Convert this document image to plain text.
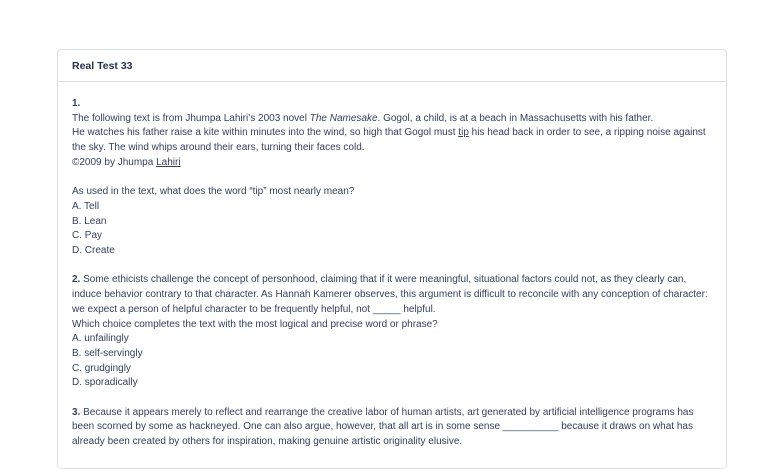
Real Test 33
1.
The following text is from Jhumpa Lahiri’s 2003 novel The Namesake. Gogol, a child, is at a beach in Massachusetts with his father.
He watches his father raise a kite within minutes into the wind, so high that Gogol must tip his head back in order to see, a ripping noise against the sky. The wind whips around their ears, turning their faces cold.
©2009 by Jhumpa Lahiri
As used in the text, what does the word “tip” most nearly mean?
A. Tell
B. Lean
C. Pay
D. Create
2. Some ethicists challenge the concept of personhood, claiming that if it were meaningful, situational factors could not, as they clearly can, induce behavior contrary to that character. As Hannah Kamerer observes, this argument is difficult to reconcile with any conception of character: we expect a person of helpful character to be frequently helpful, not _____ helpful.
Which choice completes the text with the most logical and precise word or phrase?
A. unfailingly
B. self-servingly
C. grudgingly
D. sporadically
3. Because it appears merely to reflect and rearrange the creative labor of human artists, art generated by artificial intelligence programs has been scorned by some as hackneyed. One can also argue, however, that all art is in some sense __________ because it draws on what has already been created by others for inspiration, making genuine artistic originality elusive.
